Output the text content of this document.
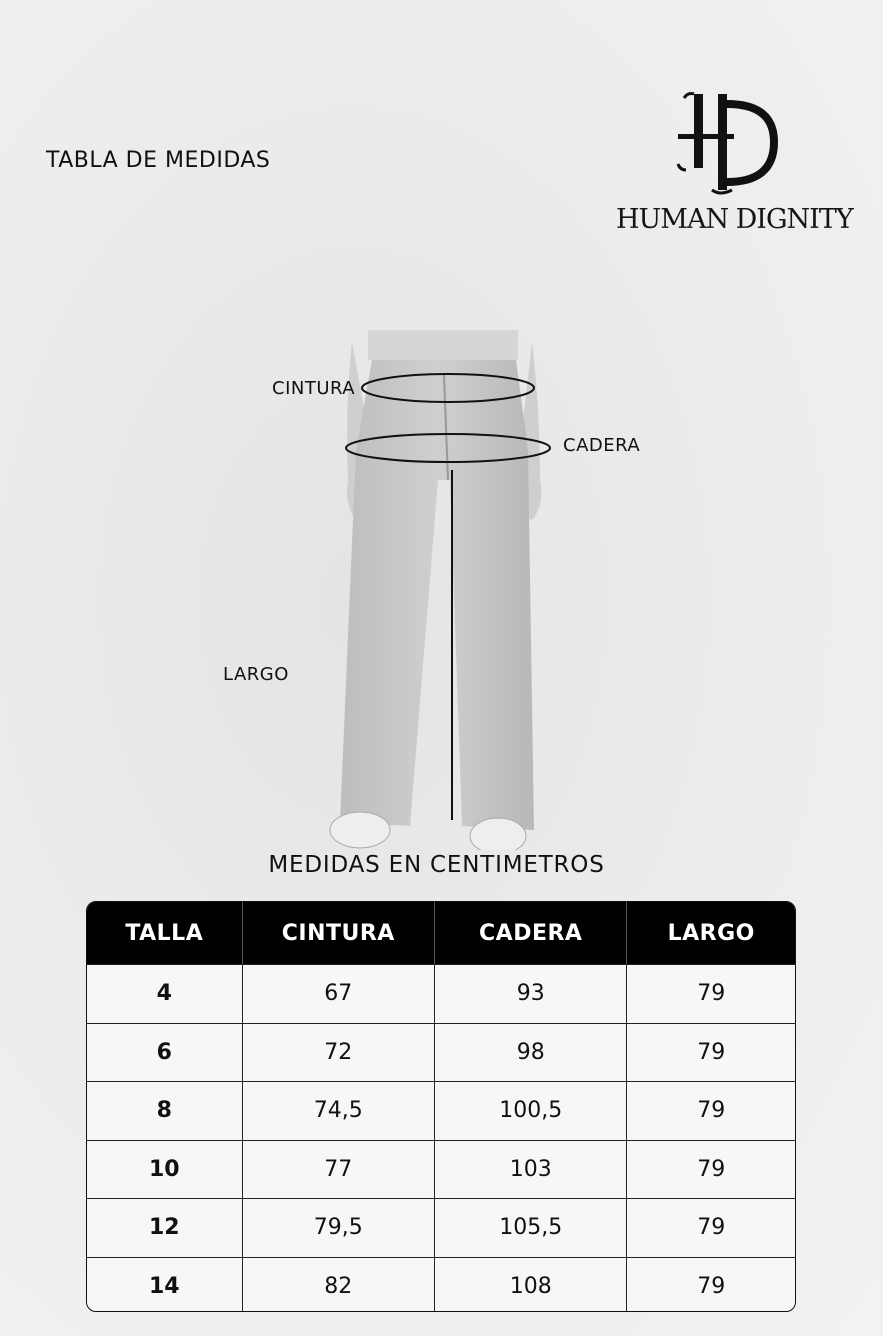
TABLA DE MEDIDAS
HUMAN DIGNITY
CINTURA
CADERA
LARGO
MEDIDAS EN CENTIMETROS
TALLA	CINTURA	CADERA	LARGO
4	67	93	79
6	72	98	79
8	74,5	100,5	79
10	77	103	79
12	79,5	105,5	79
14	82	108	79
